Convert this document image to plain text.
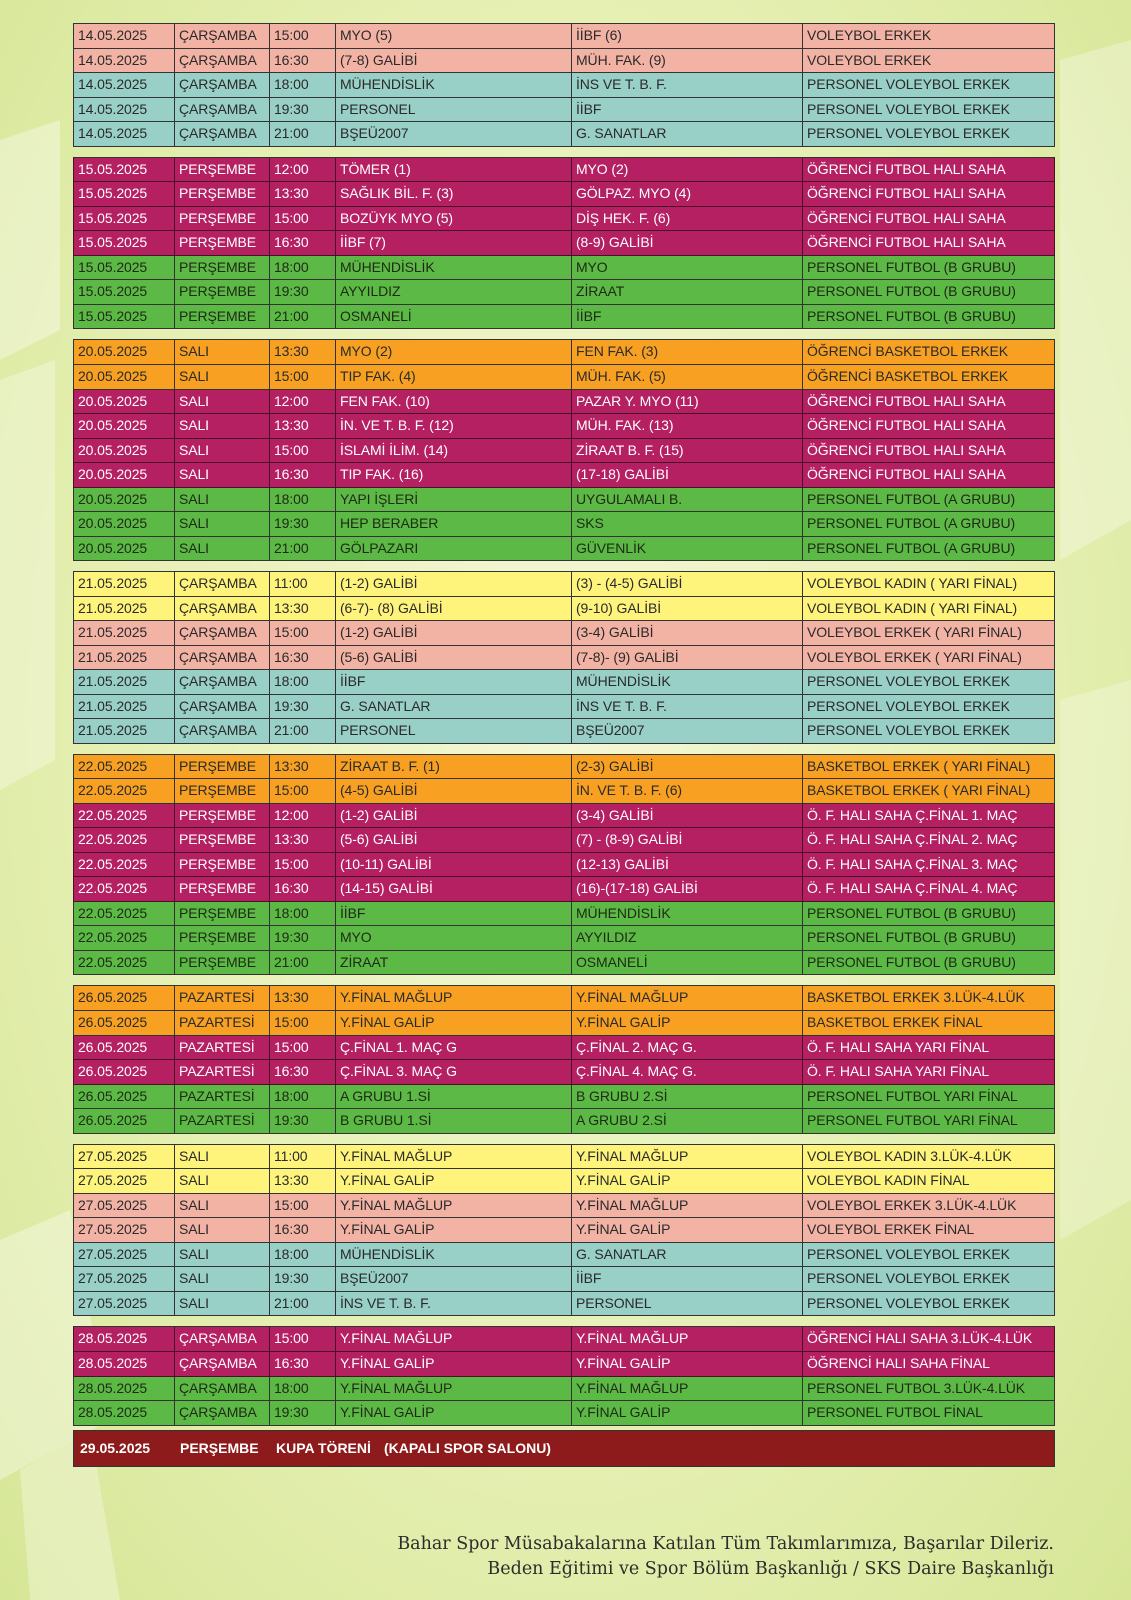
14.05.2025	ÇARŞAMBA	15:00	MYO (5)	İİBF (6)	VOLEYBOL ERKEK
14.05.2025	ÇARŞAMBA	16:30	(7-8) GALİBİ	MÜH. FAK. (9)	VOLEYBOL ERKEK
14.05.2025	ÇARŞAMBA	18:00	MÜHENDİSLİK	İNS VE T. B. F.	PERSONEL VOLEYBOL ERKEK
14.05.2025	ÇARŞAMBA	19:30	PERSONEL	İİBF	PERSONEL VOLEYBOL ERKEK
14.05.2025	ÇARŞAMBA	21:00	BŞEÜ2007	G. SANATLAR	PERSONEL VOLEYBOL ERKEK
15.05.2025	PERŞEMBE	12:00	TÖMER (1)	MYO (2)	ÖĞRENCİ FUTBOL HALI SAHA
15.05.2025	PERŞEMBE	13:30	SAĞLIK BİL. F. (3)	GÖLPAZ. MYO (4)	ÖĞRENCİ FUTBOL HALI SAHA
15.05.2025	PERŞEMBE	15:00	BOZÜYK MYO (5)	DİŞ HEK. F. (6)	ÖĞRENCİ FUTBOL HALI SAHA
15.05.2025	PERŞEMBE	16:30	İİBF (7)	(8-9) GALİBİ	ÖĞRENCİ FUTBOL HALI SAHA
15.05.2025	PERŞEMBE	18:00	MÜHENDİSLİK	MYO	PERSONEL FUTBOL (B GRUBU)
15.05.2025	PERŞEMBE	19:30	AYYILDIZ	ZİRAAT	PERSONEL FUTBOL (B GRUBU)
15.05.2025	PERŞEMBE	21:00	OSMANELİ	İİBF	PERSONEL FUTBOL (B GRUBU)
20.05.2025	SALI	13:30	MYO (2)	FEN FAK. (3)	ÖĞRENCİ BASKETBOL ERKEK
20.05.2025	SALI	15:00	TIP FAK. (4)	MÜH. FAK. (5)	ÖĞRENCİ BASKETBOL ERKEK
20.05.2025	SALI	12:00	FEN FAK. (10)	PAZAR Y. MYO (11)	ÖĞRENCİ FUTBOL HALI SAHA
20.05.2025	SALI	13:30	İN. VE T. B. F. (12)	MÜH. FAK. (13)	ÖĞRENCİ FUTBOL HALI SAHA
20.05.2025	SALI	15:00	İSLAMİ İLİM. (14)	ZİRAAT B. F. (15)	ÖĞRENCİ FUTBOL HALI SAHA
20.05.2025	SALI	16:30	TIP FAK. (16)	(17-18) GALİBİ	ÖĞRENCİ FUTBOL HALI SAHA
20.05.2025	SALI	18:00	YAPI İŞLERİ	UYGULAMALI B.	PERSONEL FUTBOL (A GRUBU)
20.05.2025	SALI	19:30	HEP BERABER	SKS	PERSONEL FUTBOL (A GRUBU)
20.05.2025	SALI	21:00	GÖLPAZARI	GÜVENLİK	PERSONEL FUTBOL (A GRUBU)
21.05.2025	ÇARŞAMBA	11:00	(1-2) GALİBİ	(3) - (4-5) GALİBİ	VOLEYBOL KADIN ( YARI FİNAL)
21.05.2025	ÇARŞAMBA	13:30	(6-7)- (8) GALİBİ	(9-10) GALİBİ	VOLEYBOL KADIN ( YARI FİNAL)
21.05.2025	ÇARŞAMBA	15:00	(1-2) GALİBİ	(3-4) GALİBİ	VOLEYBOL ERKEK ( YARI FİNAL)
21.05.2025	ÇARŞAMBA	16:30	(5-6) GALİBİ	(7-8)- (9) GALİBİ	VOLEYBOL ERKEK ( YARI FİNAL)
21.05.2025	ÇARŞAMBA	18:00	İİBF	MÜHENDİSLİK	PERSONEL VOLEYBOL ERKEK
21.05.2025	ÇARŞAMBA	19:30	G. SANATLAR	İNS VE T. B. F.	PERSONEL VOLEYBOL ERKEK
21.05.2025	ÇARŞAMBA	21:00	PERSONEL	BŞEÜ2007	PERSONEL VOLEYBOL ERKEK
22.05.2025	PERŞEMBE	13:30	ZİRAAT B. F. (1)	(2-3) GALİBİ	BASKETBOL ERKEK ( YARI FİNAL)
22.05.2025	PERŞEMBE	15:00	(4-5) GALİBİ	İN. VE T. B. F. (6)	BASKETBOL ERKEK ( YARI FİNAL)
22.05.2025	PERŞEMBE	12:00	(1-2) GALİBİ	(3-4) GALİBİ	Ö. F. HALI SAHA Ç.FİNAL 1. MAÇ
22.05.2025	PERŞEMBE	13:30	(5-6) GALİBİ	(7) - (8-9) GALİBİ	Ö. F. HALI SAHA Ç.FİNAL 2. MAÇ
22.05.2025	PERŞEMBE	15:00	(10-11) GALİBİ	(12-13) GALİBİ	Ö. F. HALI SAHA Ç.FİNAL 3. MAÇ
22.05.2025	PERŞEMBE	16:30	(14-15) GALİBİ	(16)-(17-18) GALİBİ	Ö. F. HALI SAHA Ç.FİNAL 4. MAÇ
22.05.2025	PERŞEMBE	18:00	İİBF	MÜHENDİSLİK	PERSONEL FUTBOL (B GRUBU)
22.05.2025	PERŞEMBE	19:30	MYO	AYYILDIZ	PERSONEL FUTBOL (B GRUBU)
22.05.2025	PERŞEMBE	21:00	ZİRAAT	OSMANELİ	PERSONEL FUTBOL (B GRUBU)
26.05.2025	PAZARTESİ	13:30	Y.FİNAL MAĞLUP	Y.FİNAL MAĞLUP	BASKETBOL ERKEK 3.LÜK-4.LÜK
26.05.2025	PAZARTESİ	15:00	Y.FİNAL GALİP	Y.FİNAL GALİP	BASKETBOL ERKEK FİNAL
26.05.2025	PAZARTESİ	15:00	Ç.FİNAL 1. MAÇ G	Ç.FİNAL 2. MAÇ G.	Ö. F. HALI SAHA YARI FİNAL
26.05.2025	PAZARTESİ	16:30	Ç.FİNAL 3. MAÇ G	Ç.FİNAL 4. MAÇ G.	Ö. F. HALI SAHA YARI FİNAL
26.05.2025	PAZARTESİ	18:00	A GRUBU 1.Sİ	B GRUBU 2.Sİ	PERSONEL FUTBOL YARI FİNAL
26.05.2025	PAZARTESİ	19:30	B GRUBU 1.Sİ	A GRUBU 2.Sİ	PERSONEL FUTBOL YARI FİNAL
27.05.2025	SALI	11:00	Y.FİNAL MAĞLUP	Y.FİNAL MAĞLUP	VOLEYBOL KADIN 3.LÜK-4.LÜK
27.05.2025	SALI	13:30	Y.FİNAL GALİP	Y.FİNAL GALİP	VOLEYBOL KADIN FİNAL
27.05.2025	SALI	15:00	Y.FİNAL MAĞLUP	Y.FİNAL MAĞLUP	VOLEYBOL ERKEK 3.LÜK-4.LÜK
27.05.2025	SALI	16:30	Y.FİNAL GALİP	Y.FİNAL GALİP	VOLEYBOL ERKEK FİNAL
27.05.2025	SALI	18:00	MÜHENDİSLİK	G. SANATLAR	PERSONEL VOLEYBOL ERKEK
27.05.2025	SALI	19:30	BŞEÜ2007	İİBF	PERSONEL VOLEYBOL ERKEK
27.05.2025	SALI	21:00	İNS VE T. B. F.	PERSONEL	PERSONEL VOLEYBOL ERKEK
28.05.2025	ÇARŞAMBA	15:00	Y.FİNAL MAĞLUP	Y.FİNAL MAĞLUP	ÖĞRENCİ HALI SAHA 3.LÜK-4.LÜK
28.05.2025	ÇARŞAMBA	16:30	Y.FİNAL GALİP	Y.FİNAL GALİP	ÖĞRENCİ HALI SAHA FİNAL
28.05.2025	ÇARŞAMBA	18:00	Y.FİNAL MAĞLUP	Y.FİNAL MAĞLUP	PERSONEL FUTBOL 3.LÜK-4.LÜK
28.05.2025	ÇARŞAMBA	19:30	Y.FİNAL GALİP	Y.FİNAL GALİP	PERSONEL FUTBOL FİNAL
29.05.2025 PERŞEMBE KUPA TÖRENİ (KAPALI SPOR SALONU)
Bahar Spor Müsabakalarına Katılan Tüm Takımlarımıza, Başarılar Dileriz.
Beden Eğitimi ve Spor Bölüm Başkanlığı / SKS Daire Başkanlığı
